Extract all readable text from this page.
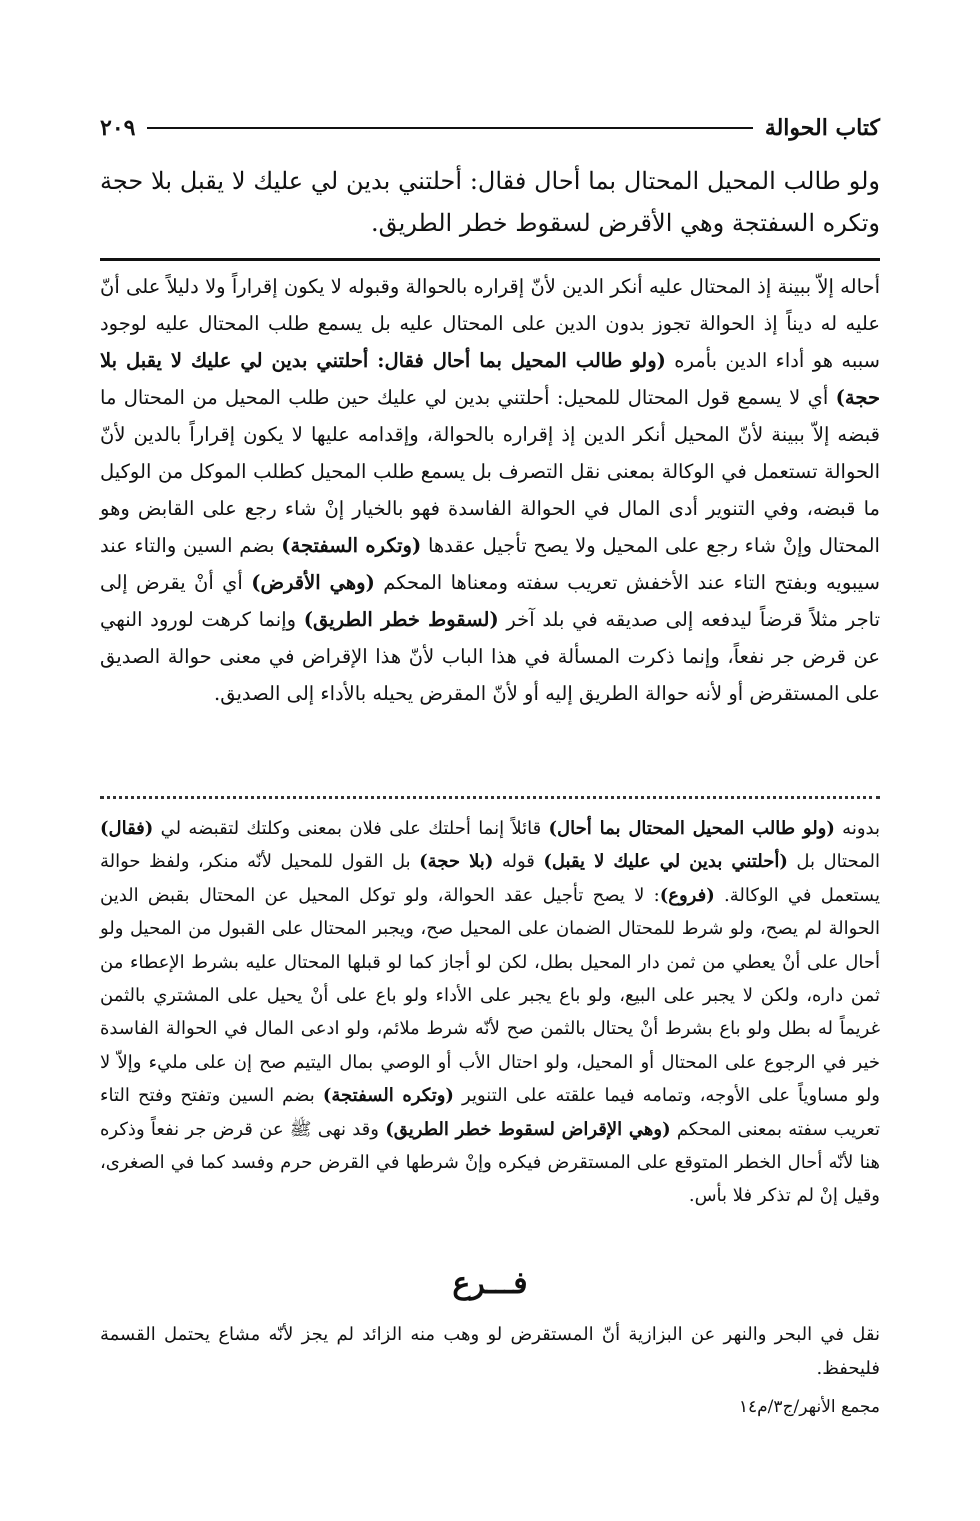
كتاب الحوالة
٢٠٩
ولو طالب المحيل المحتال بما أحال فقال: أحلتني بدين لي عليك لا يقبل بلا حجة وتكره السفتجة وهي الأقرض لسقوط خطر الطريق.

أحاله إلاّ ببينة إذ المحتال عليه أنكر الدين لأنّ إقراره بالحوالة وقبوله لا يكون إقراراً ولا دليلاً على أنّ عليه له ديناً إذ الحوالة تجوز بدون الدين على المحتال عليه بل يسمع طلب المحتال عليه لوجود سببه هو أداء الدين بأمره (ولو طالب المحيل بما أحال فقال: أحلتني بدين لي عليك لا يقبل بلا حجة) أي لا يسمع قول المحتال للمحيل: أحلتني بدين لي عليك حين طلب المحيل من المحتال ما قبضه إلاّ ببينة لأنّ المحيل أنكر الدين إذ إقراره بالحوالة، وإقدامه عليها لا يكون إقراراً بالدين لأنّ الحوالة تستعمل في الوكالة بمعنى نقل التصرف بل يسمع طلب المحيل كطلب الموكل من الوكيل ما قبضه، وفي التنوير أدى المال في الحوالة الفاسدة فهو بالخيار إنْ شاء رجع على القابض وهو المحتال وإنْ شاء رجع على المحيل ولا يصح تأجيل عقدها (وتكره السفتجة) بضم السين والتاء عند سيبويه وبفتح التاء عند الأخفش تعريب سفته ومعناها المحكم (وهي الأقرض) أي أنْ يقرض إلى تاجر مثلاً قرضاً ليدفعه إلى صديقه في بلد آخر (لسقوط خطر الطريق) وإنما كرهت لورود النهي عن قرض جر نفعاً، وإنما ذكرت المسألة في هذا الباب لأنّ هذا الإقراض في معنى حوالة الصديق على المستقرض أو لأنه حوالة الطريق إليه أو لأنّ المقرض يحيله بالأداء إلى الصديق.

بدونه (ولو طالب المحيل المحتال بما أحال) قائلاً إنما أحلتك على فلان بمعنى وكلتك لتقبضه لي (فقال) المحتال بل (أحلتني بدين لي عليك لا يقبل) قوله (بلا حجة) بل القول للمحيل لأنّه منكر، ولفظ حوالة يستعمل في الوكالة. (فروع): لا يصح تأجيل عقد الحوالة، ولو توكل المحيل عن المحتال بقبض الدين الحوالة لم يصح، ولو شرط للمحتال الضمان على المحيل صح، ويجبر المحتال على القبول من المحيل ولو أحال على أنْ يعطي من ثمن دار المحيل بطل، لكن لو أجاز كما لو قبلها المحتال عليه بشرط الإعطاء من ثمن داره، ولكن لا يجبر على البيع، ولو باع يجبر على الأداء ولو باع على أنْ يحيل على المشتري بالثمن غريماً له بطل ولو باع بشرط أنْ يحتال بالثمن صح لأنّه شرط ملائم، ولو ادعى المال في الحوالة الفاسدة خير في الرجوع على المحتال أو المحيل، ولو احتال الأب أو الوصي بمال اليتيم صح إن على مليء وإلاّ لا ولو مساوياً على الأوجه، وتمامه فيما علقته على التنوير (وتكره السفتجة) بضم السين وتفتح وفتح التاء تعريب سفته بمعنى المحكم (وهي الإقراض لسقوط خطر الطريق) وقد نهى ﷺ عن قرض جر نفعاً وذكره هنا لأنّه أحال الخطر المتوقع على المستقرض فيكره وإنْ شرطها في القرض حرم وفسد كما في الصغرى، وقيل إنْ لم تذكر فلا بأس.

فـــرع

نقل في البحر والنهر عن البزازية أنّ المستقرض لو وهب منه الزائد لم يجز لأنّه مشاع يحتمل القسمة فليحفظ.

مجمع الأنهر/ج٣/م١٤
